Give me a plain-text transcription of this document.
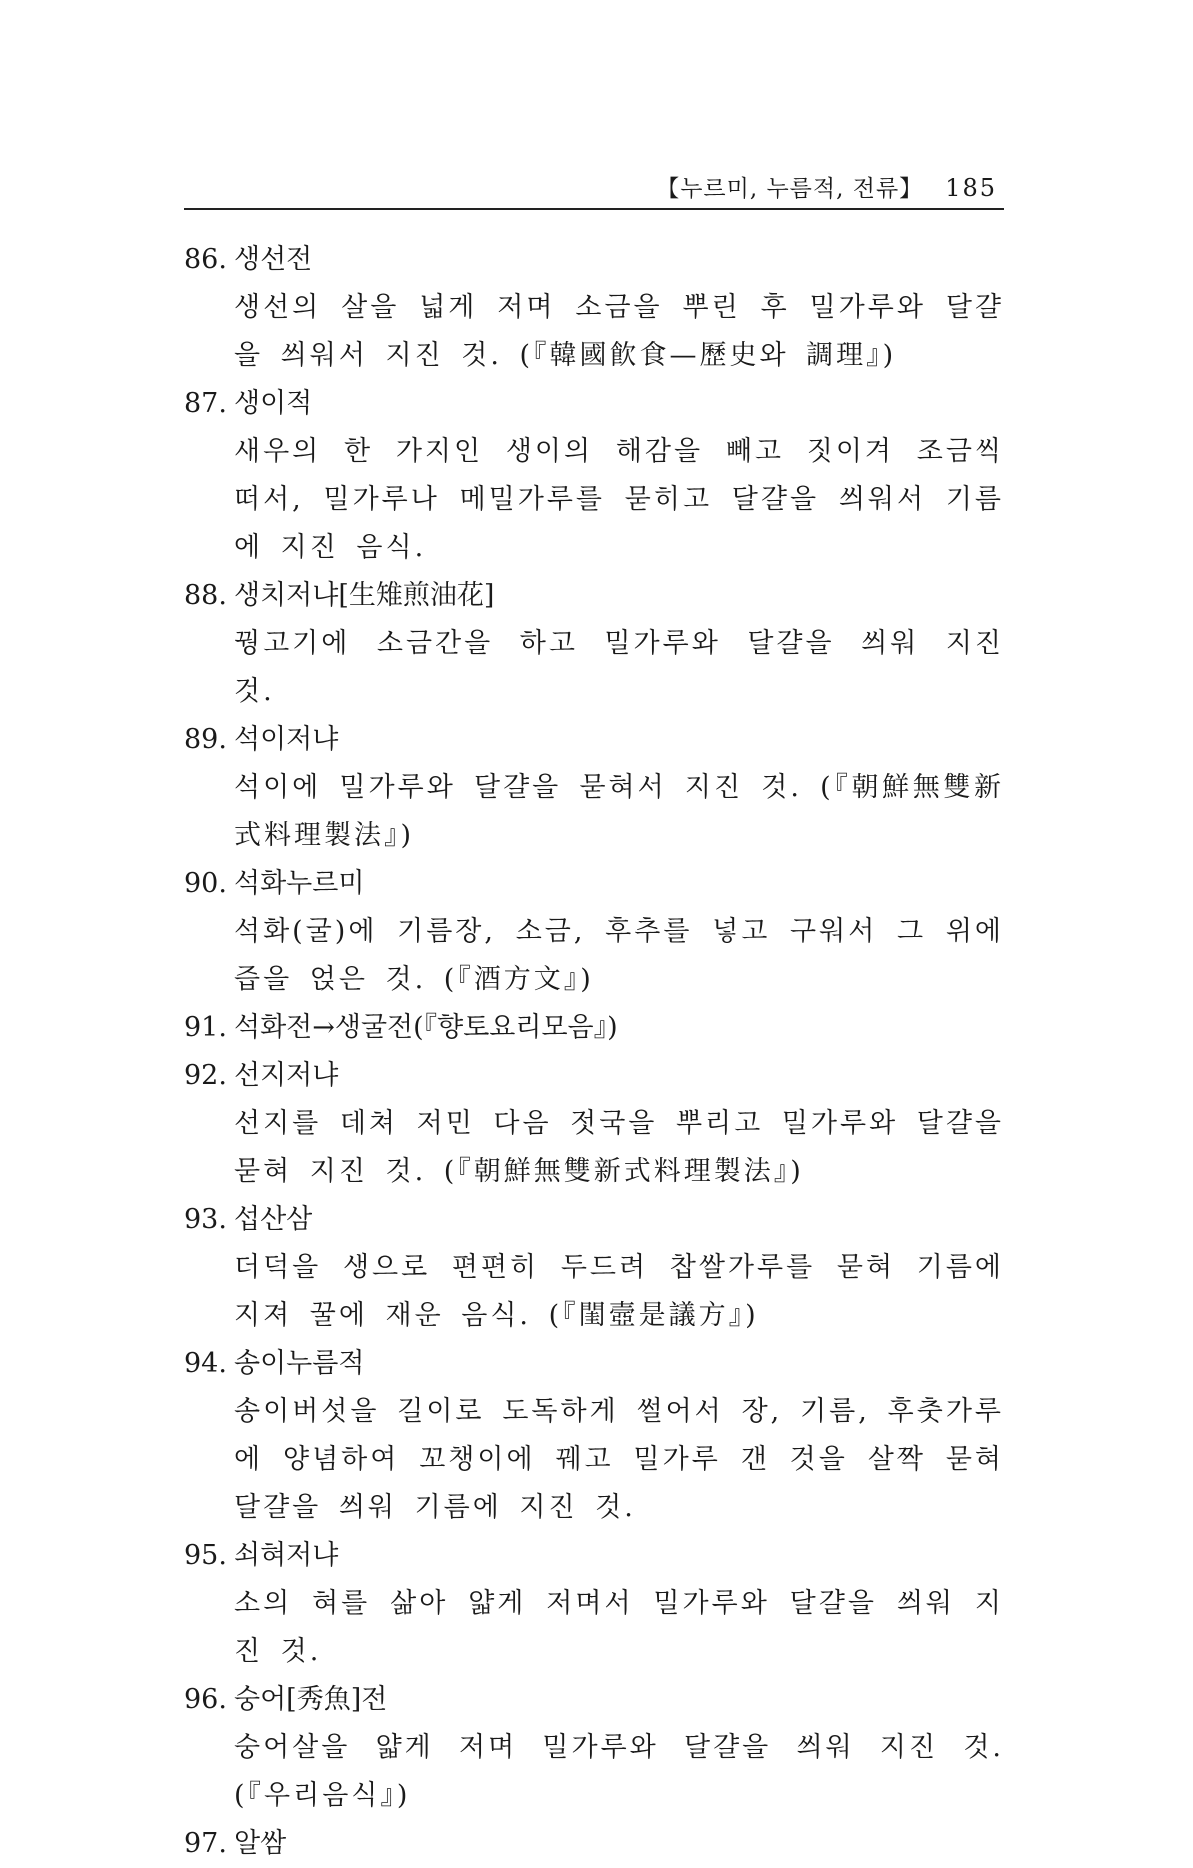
【누르미, 누름적, 전류】 185
86. 생선전
생선의 살을 넓게 저며 소금을 뿌린 후 밀가루와 달걀을 씌워서 지진 것. (『韓國飮食—歷史와 調理』)
87. 생이적
새우의 한 가지인 생이의 해감을 빼고 짓이겨 조금씩 떠서, 밀가루나 메밀가루를 묻히고 달걀을 씌워서 기름에 지진 음식.
88. 생치저냐[生雉煎油花]
꿩고기에 소금간을 하고 밀가루와 달걀을 씌워 지진 것.
89. 석이저냐
석이에 밀가루와 달걀을 묻혀서 지진 것. (『朝鮮無雙新式料理製法』)
90. 석화누르미
석화(굴)에 기름장, 소금, 후추를 넣고 구워서 그 위에 즙을 얹은 것. (『酒方文』)
91. 석화전→생굴전(『향토요리모음』)
92. 선지저냐
선지를 데쳐 저민 다음 젓국을 뿌리고 밀가루와 달걀을 묻혀 지진 것. (『朝鮮無雙新式料理製法』)
93. 섭산삼
더덕을 생으로 편편히 두드려 찹쌀가루를 묻혀 기름에 지져 꿀에 재운 음식. (『閨壼是議方』)
94. 송이누름적
송이버섯을 길이로 도독하게 썰어서 장, 기름, 후춧가루에 양념하여 꼬챙이에 꿰고 밀가루 갠 것을 살짝 묻혀 달걀을 씌워 기름에 지진 것.
95. 쇠혀저냐
소의 혀를 삶아 얇게 저며서 밀가루와 달걀을 씌워 지진 것.
96. 숭어[秀魚]전
숭어살을 얇게 저며 밀가루와 달걀을 씌워 지진 것. (『우리음식』)
97. 알쌈
